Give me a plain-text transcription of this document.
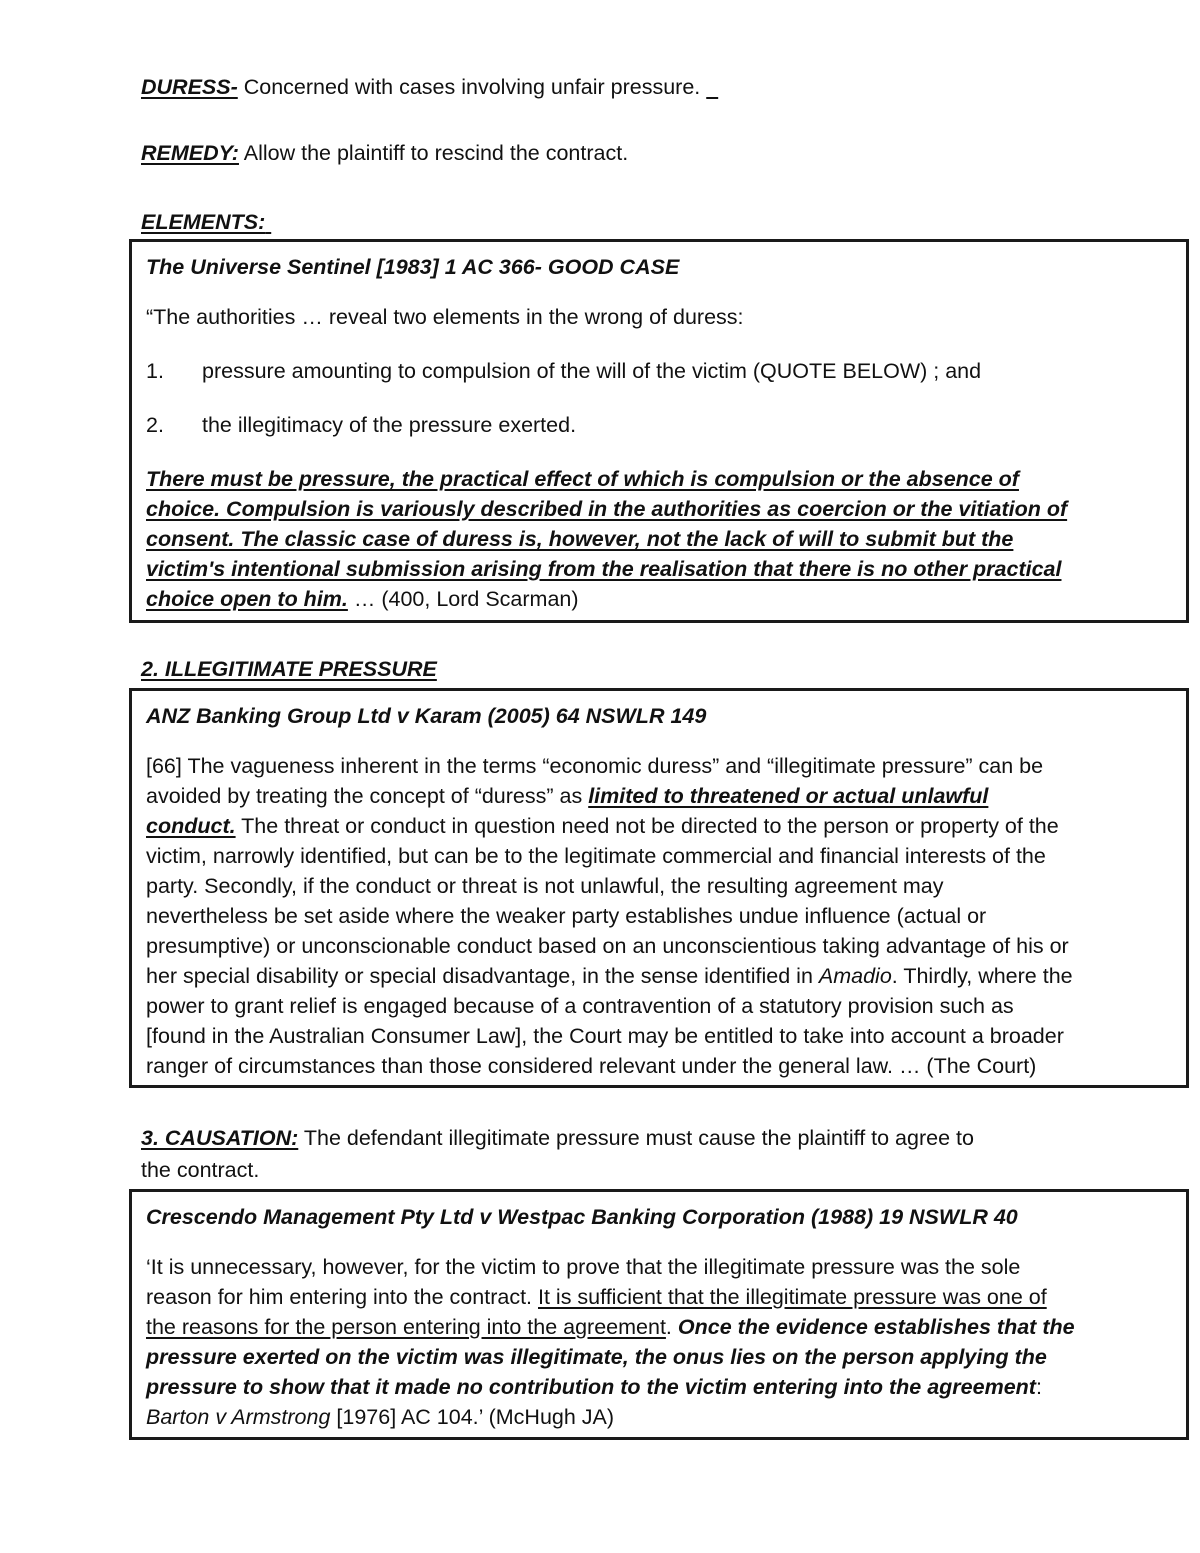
DURESS- Concerned with cases involving unfair pressure.
REMEDY: Allow the plaintiff to rescind the contract.
ELEMENTS:

The Universe Sentinel [1983] 1 AC 366- GOOD CASE

“The authorities … reveal two elements in the wrong of duress:

1.	pressure amounting to compulsion of the will of the victim (QUOTE BELOW) ; and
2.	the illegitimacy of the pressure exerted.

There must be pressure, the practical effect of which is compulsion or the absence of

choice. Compulsion is variously described in the authorities as coercion or the vitiation of

consent. The classic case of duress is, however, not the lack of will to submit but the

victim's intentional submission arising from the realisation that there is no other practical

choice open to him. … (400, Lord Scarman)

2. ILLEGITIMATE PRESSURE

ANZ Banking Group Ltd v Karam (2005) 64 NSWLR 149

[66] The vagueness inherent in the terms “economic duress” and “illegitimate pressure” can be

avoided by treating the concept of “duress” as limited to threatened or actual unlawful

conduct. The threat or conduct in question need not be directed to the person or property of the

victim, narrowly identified, but can be to the legitimate commercial and financial interests of the

party. Secondly, if the conduct or threat is not unlawful, the resulting agreement may

nevertheless be set aside where the weaker party establishes undue influence (actual or

presumptive) or unconscionable conduct based on an unconscientious taking advantage of his or

her special disability or special disadvantage, in the sense identified in Amadio. Thirdly, where the

power to grant relief is engaged because of a contravention of a statutory provision such as

[found in the Australian Consumer Law], the Court may be entitled to take into account a broader

ranger of circumstances than those considered relevant under the general law. … (The Court)

3. CAUSATION: The defendant illegitimate pressure must cause the plaintiff to agree to
the contract.

Crescendo Management Pty Ltd v Westpac Banking Corporation (1988) 19 NSWLR 40

‘It is unnecessary, however, for the victim to prove that the illegitimate pressure was the sole

reason for him entering into the contract. It is sufficient that the illegitimate pressure was one of

the reasons for the person entering into the agreement. Once the evidence establishes that the

pressure exerted on the victim was illegitimate, the onus lies on the person applying the

pressure to show that it made no contribution to the victim entering into the agreement:

Barton v Armstrong [1976] AC 104.’ (McHugh JA)
